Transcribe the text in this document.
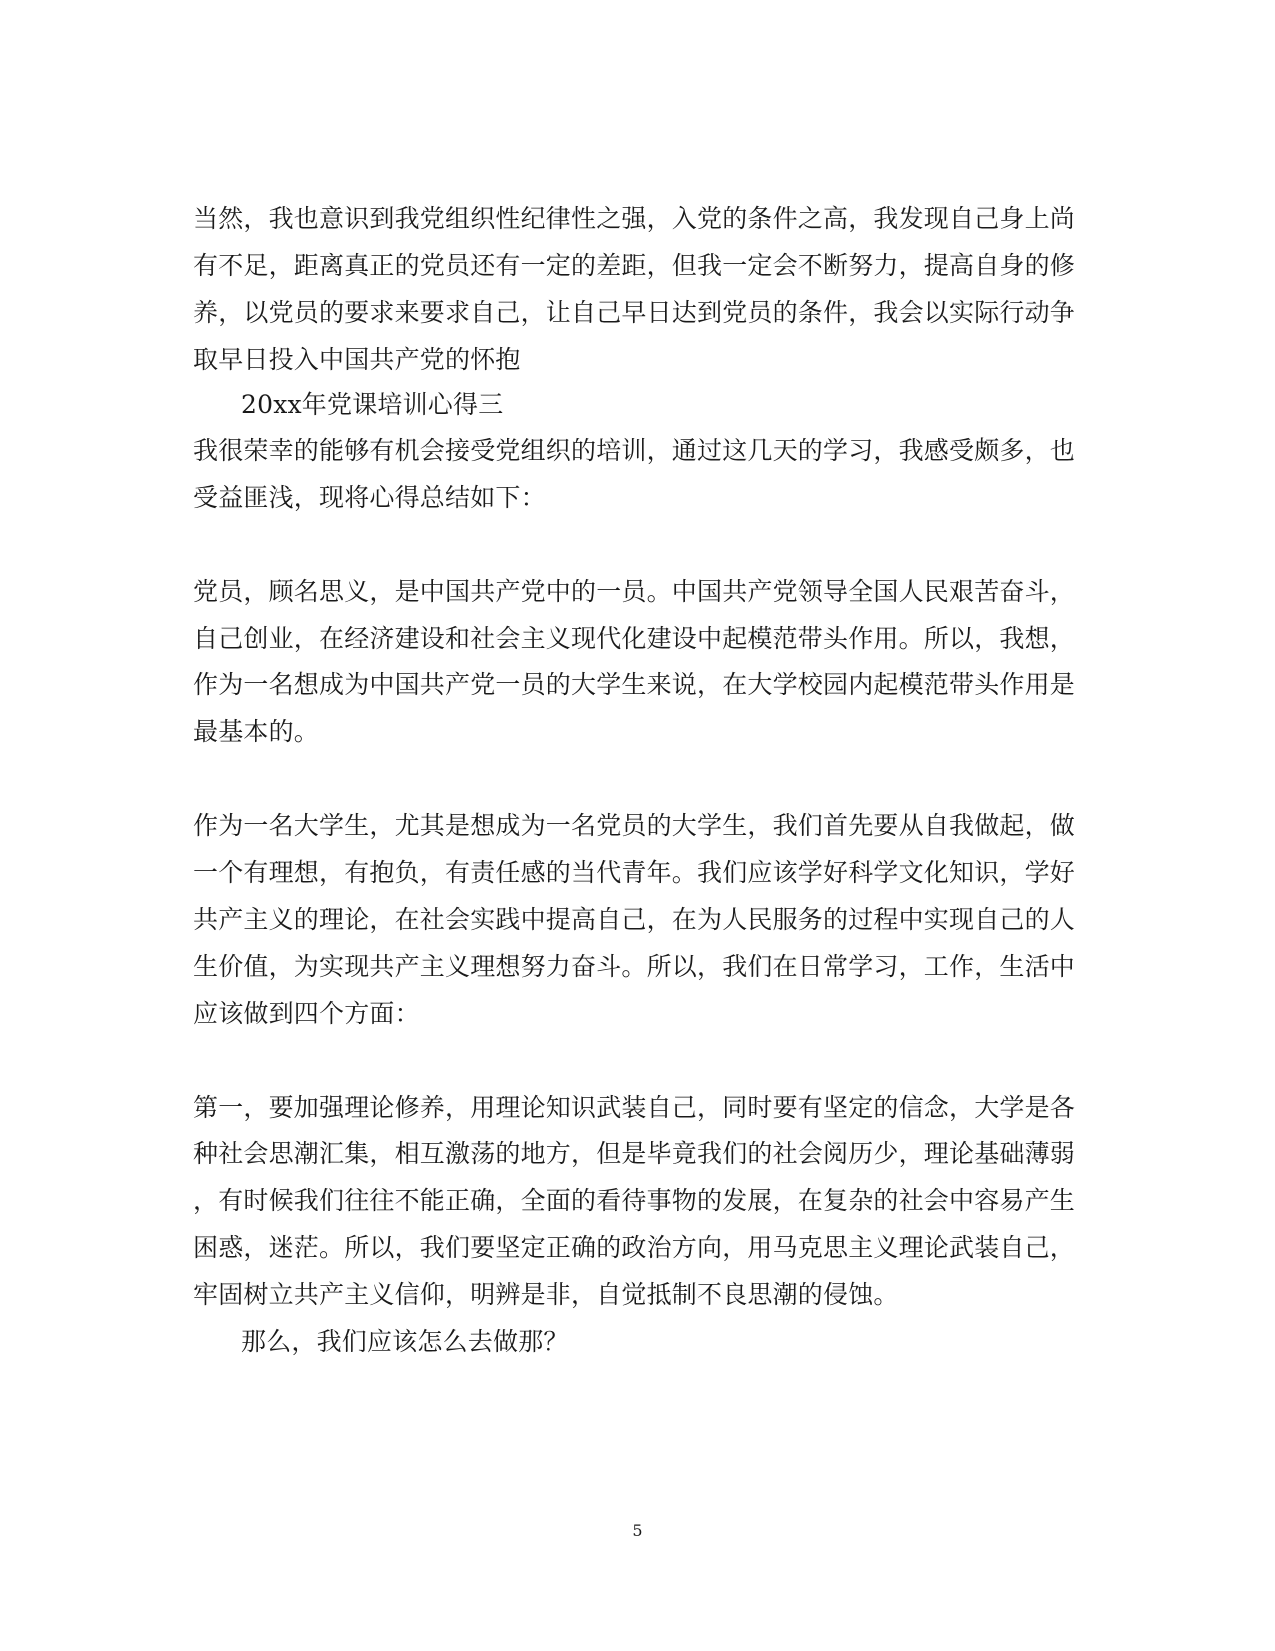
当然，我也意识到我党组织性纪律性之强，入党的条件之高，我发现自己身上尚
有不足，距离真正的党员还有一定的差距，但我一定会不断努力，提高自身的修
养，以党员的要求来要求自己，让自己早日达到党员的条件，我会以实际行动争
取早日投入中国共产党的怀抱
20xx年党课培训心得三
我很荣幸的能够有机会接受党组织的培训，通过这几天的学习，我感受颇多，也
受益匪浅，现将心得总结如下：
党员，顾名思义，是中国共产党中的一员。中国共产党领导全国人民艰苦奋斗，
自己创业，在经济建设和社会主义现代化建设中起模范带头作用。所以，我想，
作为一名想成为中国共产党一员的大学生来说，在大学校园内起模范带头作用是
最基本的。
作为一名大学生，尤其是想成为一名党员的大学生，我们首先要从自我做起，做
一个有理想，有抱负，有责任感的当代青年。我们应该学好科学文化知识，学好
共产主义的理论，在社会实践中提高自己，在为人民服务的过程中实现自己的人
生价值，为实现共产主义理想努力奋斗。所以，我们在日常学习，工作，生活中
应该做到四个方面：
第一，要加强理论修养，用理论知识武装自己，同时要有坚定的信念，大学是各
种社会思潮汇集，相互激荡的地方，但是毕竟我们的社会阅历少，理论基础薄弱
，有时候我们往往不能正确，全面的看待事物的发展，在复杂的社会中容易产生
困惑，迷茫。所以，我们要坚定正确的政治方向，用马克思主义理论武装自己，
牢固树立共产主义信仰，明辨是非，自觉抵制不良思潮的侵蚀。
那么，我们应该怎么去做那？
5
